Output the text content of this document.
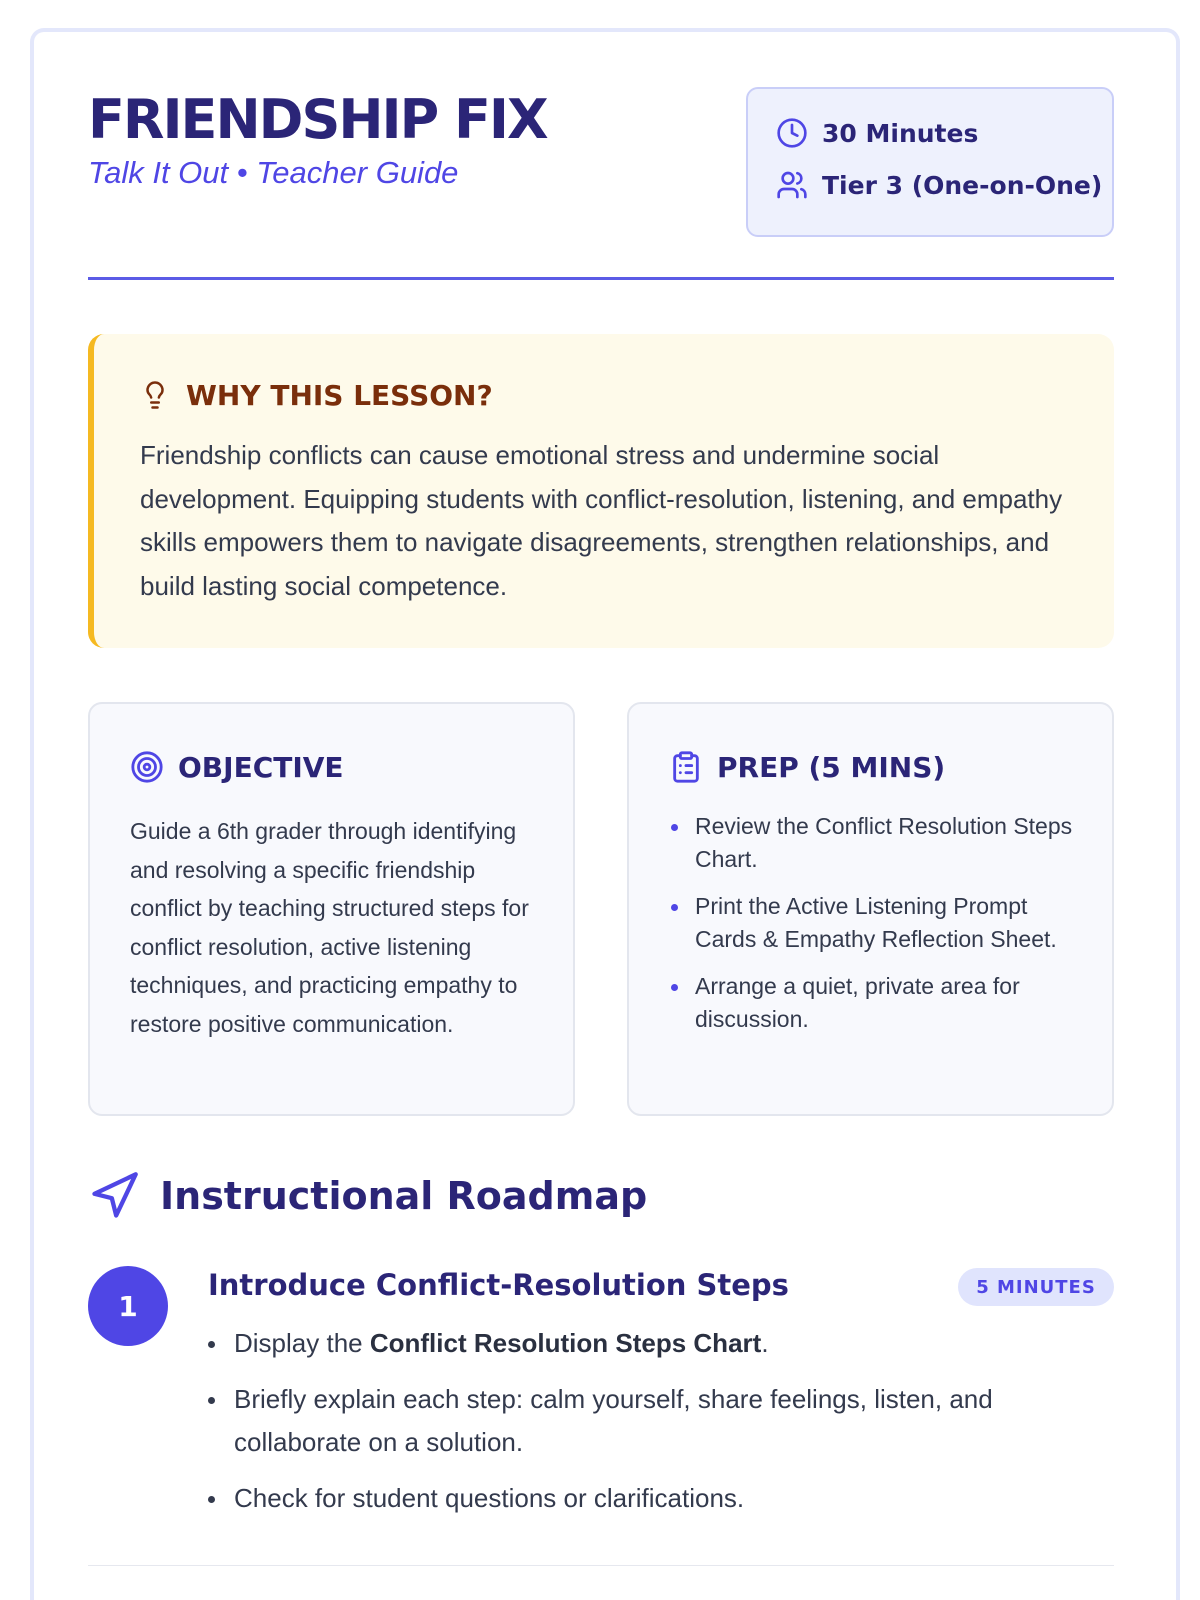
FRIENDSHIP FIX
Talk It Out • Teacher Guide
30 Minutes
Tier 3 (One-on-One)
WHY THIS LESSON?
Friendship conflicts can cause emotional stress and undermine social development. Equipping students with conflict-resolution, listening, and empathy skills empowers them to navigate disagreements, strengthen relationships, and build lasting social competence.
OBJECTIVE
Guide a 6th grader through identifying and resolving a specific friendship conflict by teaching structured steps for conflict resolution, active listening techniques, and practicing empathy to restore positive communication.
PREP (5 MINS)
Review the Conflict Resolution Steps Chart.
Print the Active Listening Prompt Cards & Empathy Reflection Sheet.
Arrange a quiet, private area for discussion.
Instructional Roadmap
1
Introduce Conflict-Resolution Steps	5 MINUTES
Display the Conflict Resolution Steps Chart.
Briefly explain each step: calm yourself, share feelings, listen, and collaborate on a solution.
Check for student questions or clarifications.
